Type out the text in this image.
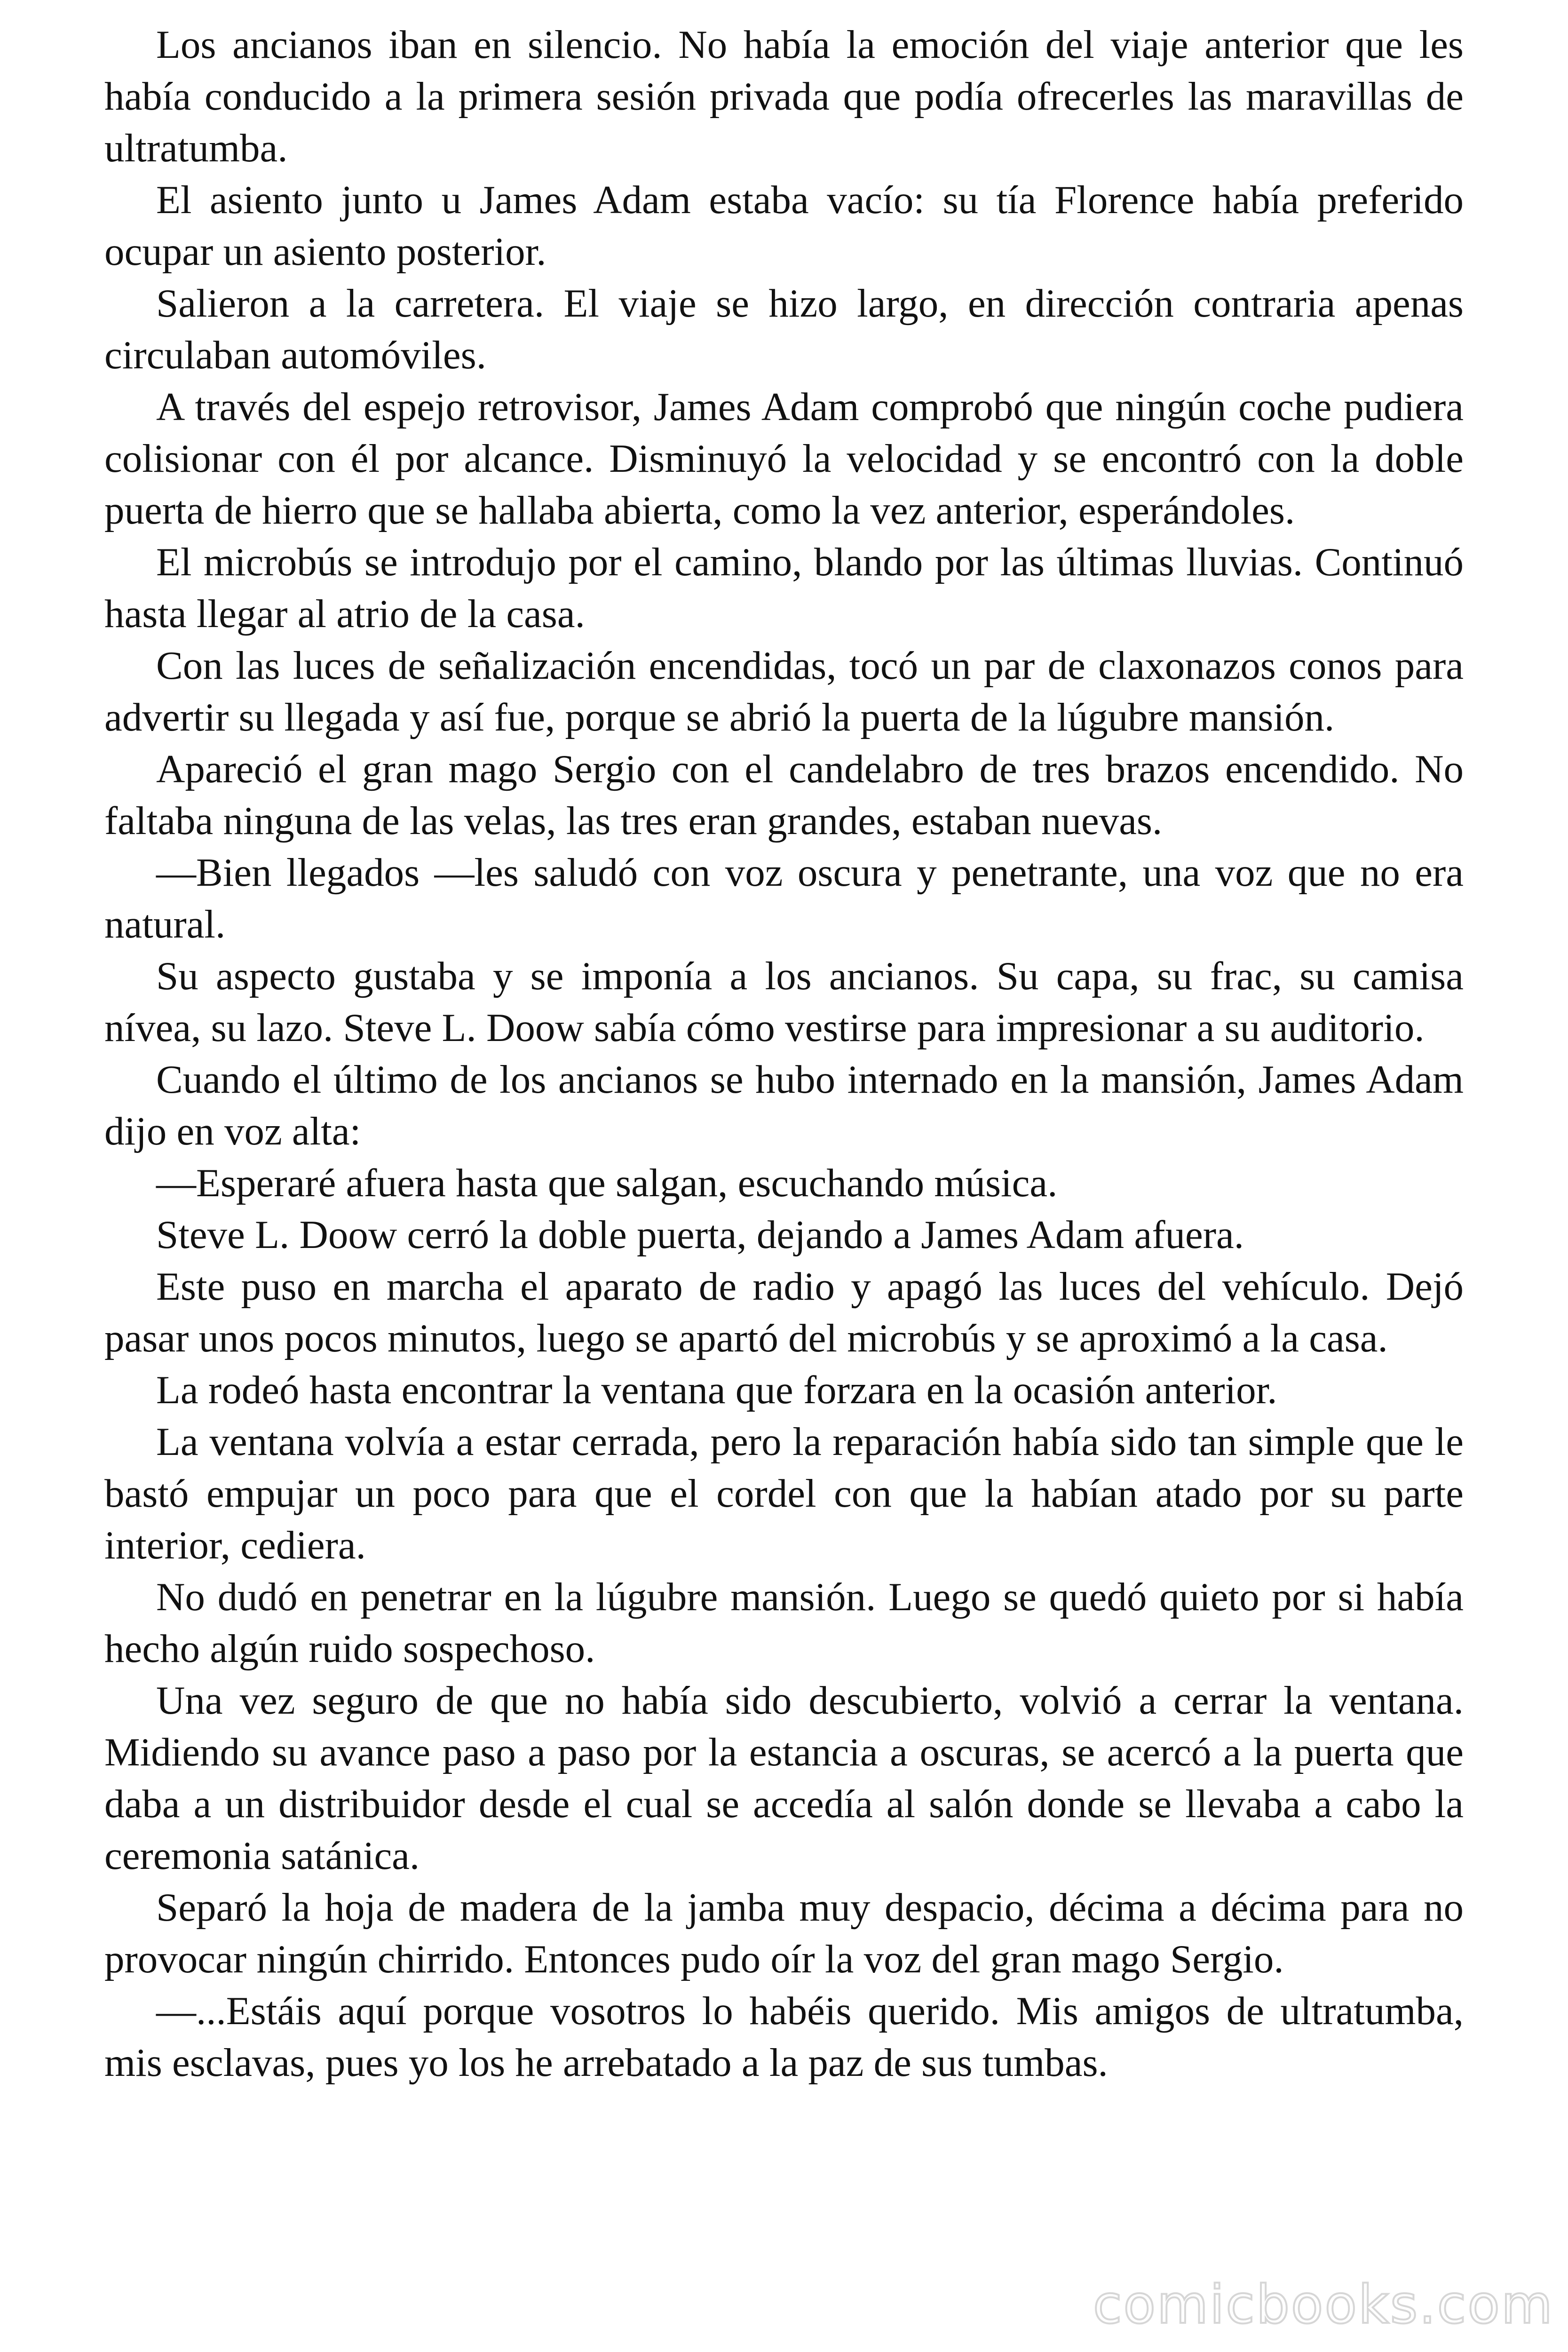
Los ancianos iban en silencio. No había la emoción del viaje anterior que les había conducido a la primera sesión privada que podía ofrecerles las maravillas de ultratumba.

El asiento junto u James Adam estaba vacío: su tía Florence había preferido ocupar un asiento posterior.

Salieron a la carretera. El viaje se hizo largo, en dirección contraria apenas circulaban automóviles.

A través del espejo retrovisor, James Adam comprobó que ningún coche pudiera colisionar con él por alcance. Disminuyó la velocidad y se encontró con la doble puerta de hierro que se hallaba abierta, como la vez anterior, esperándoles.

El microbús se introdujo por el camino, blando por las últimas lluvias. Continuó hasta llegar al atrio de la casa.

Con las luces de señalización encendidas, tocó un par de claxonazos conos para advertir su llegada y así fue, porque se abrió la puerta de la lúgubre mansión.

Apareció el gran mago Sergio con el candelabro de tres brazos encendido. No faltaba ninguna de las velas, las tres eran grandes, estaban nuevas.

—Bien llegados —les saludó con voz oscura y penetrante, una voz que no era natural.

Su aspecto gustaba y se imponía a los ancianos. Su capa, su frac, su camisa nívea, su lazo. Steve L. Doow sabía cómo vestirse para impresionar a su auditorio.

Cuando el último de los ancianos se hubo internado en la mansión, James Adam dijo en voz alta:

—Esperaré afuera hasta que salgan, escuchando música.

Steve L. Doow cerró la doble puerta, dejando a James Adam afuera.

Este puso en marcha el aparato de radio y apagó las luces del vehículo. Dejó pasar unos pocos minutos, luego se apartó del microbús y se aproximó a la casa.

La rodeó hasta encontrar la ventana que forzara en la ocasión anterior.

La ventana volvía a estar cerrada, pero la reparación había sido tan simple que le bastó empujar un poco para que el cordel con que la habían atado por su parte interior, cediera.

No dudó en penetrar en la lúgubre mansión. Luego se quedó quieto por si había hecho algún ruido sospechoso.

Una vez seguro de que no había sido descubierto, volvió a cerrar la ventana. Midiendo su avance paso a paso por la estancia a oscuras, se acercó a la puerta que daba a un distribuidor desde el cual se accedía al salón donde se llevaba a cabo la ceremonia satánica.

Separó la hoja de madera de la jamba muy despacio, décima a décima para no provocar ningún chirrido. Entonces pudo oír la voz del gran mago Sergio.

—...Estáis aquí porque vosotros lo habéis querido. Mis amigos de ultratumba, mis esclavas, pues yo los he arrebatado a la paz de sus tumbas.

comicbooks.com
